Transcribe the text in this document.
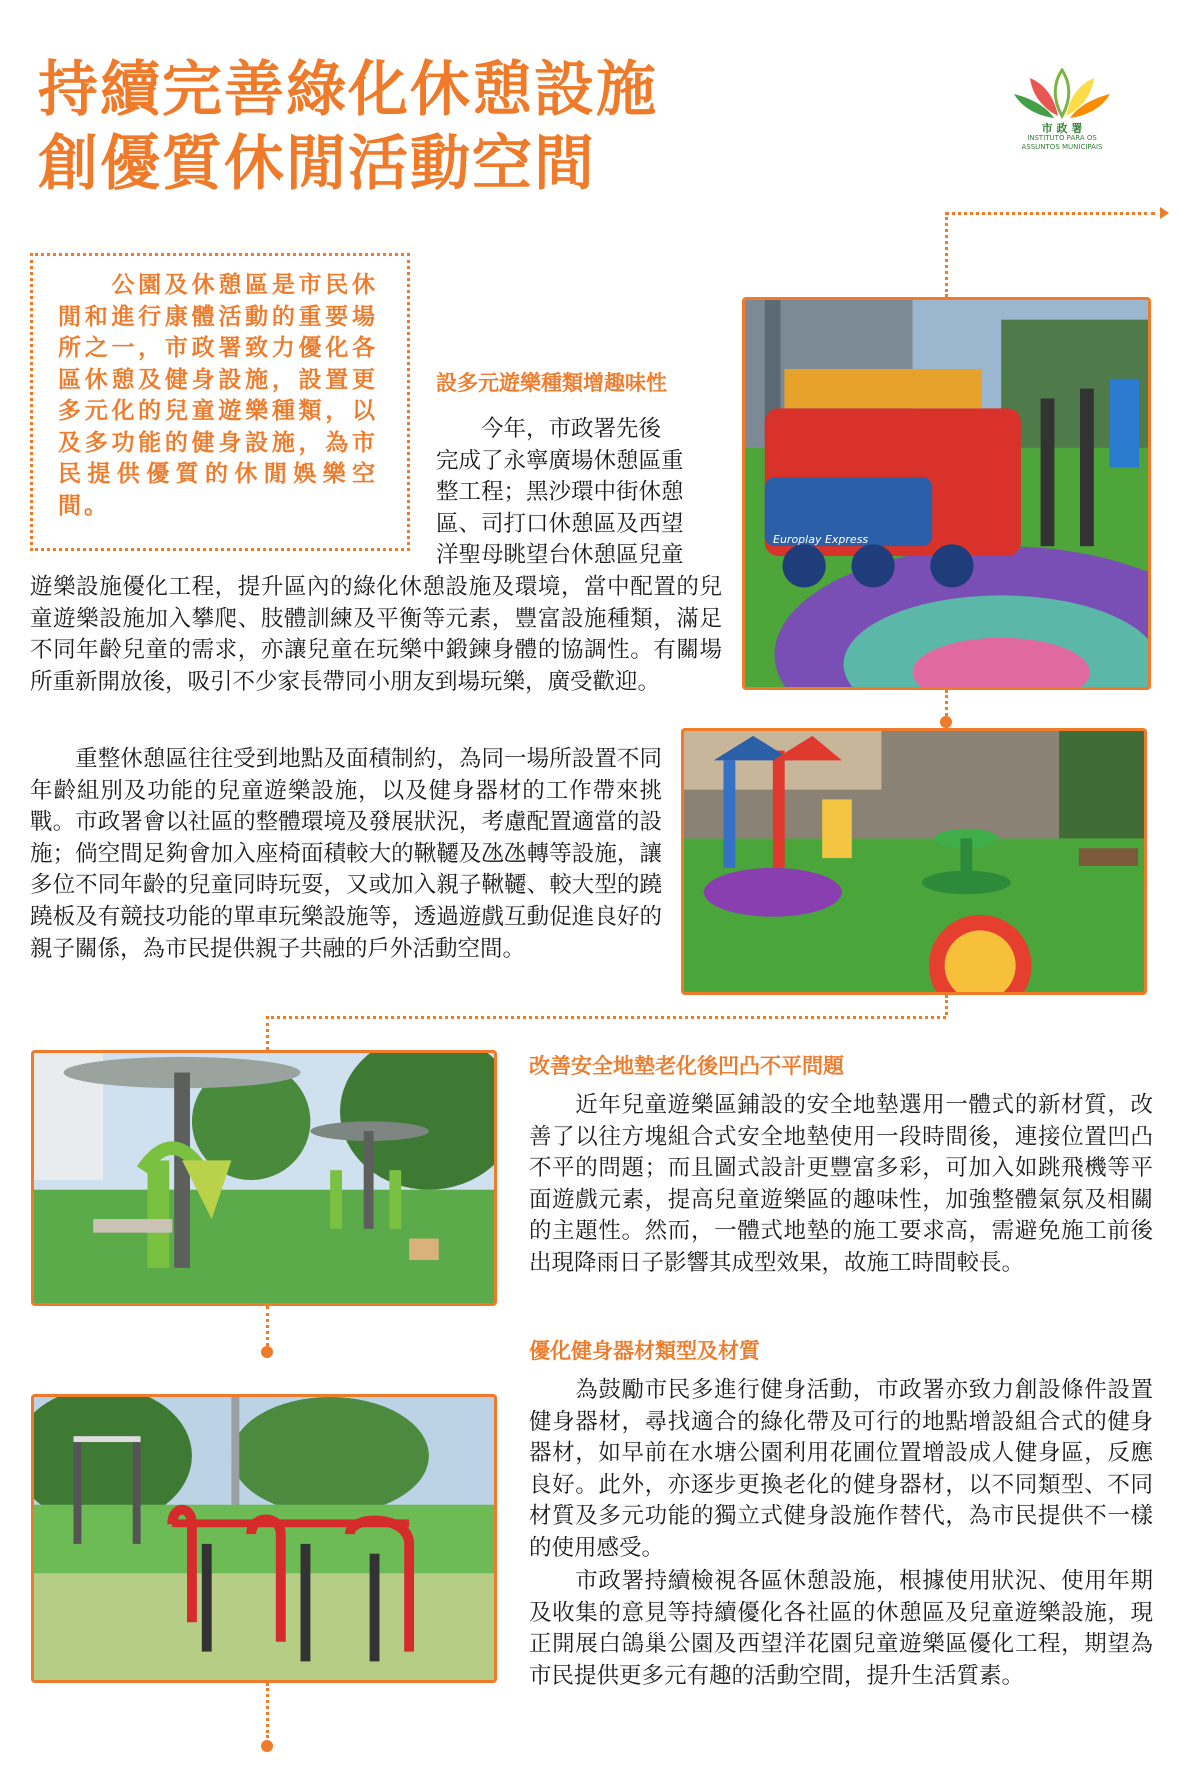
持續完善綠化休憩設施
創優質休閒活動空間
市 政 署
INSTITUTO PARA OS ASSUNTOS MUNICIPAIS
　　公園及休憩區是市民休閒和進行康體活動的重要場所之一，市政署致力優化各區休憩及健身設施，設置更多元化的兒童遊樂種類，以及多功能的健身設施，為市民提供優質的休閒娛樂空間。
設多元遊樂種類增趣味性
　　今年，市政署先後
完成了永寧廣場休憩區重
整工程；黑沙環中街休憩
區、司打口休憩區及西望
洋聖母眺望台休憩區兒童
遊樂設施優化工程，提升區內的綠化休憩設施及環境，當中配置的兒童遊樂設施加入攀爬、肢體訓練及平衡等元素，豐富設施種類，滿足不同年齡兒童的需求，亦讓兒童在玩樂中鍛鍊身體的協調性。有關場所重新開放後，吸引不少家長帶同小朋友到場玩樂，廣受歡迎。
　　重整休憩區往往受到地點及面積制約，為同一場所設置不同年齡組別及功能的兒童遊樂設施，以及健身器材的工作帶來挑戰。市政署會以社區的整體環境及發展狀況，考慮配置適當的設施；倘空間足夠會加入座椅面積較大的鞦韆及氹氹轉等設施，讓多位不同年齡的兒童同時玩耍，又或加入親子鞦韆、較大型的蹺蹺板及有競技功能的單車玩樂設施等，透過遊戲互動促進良好的親子關係，為市民提供親子共融的戶外活動空間。
Europlay Express
改善安全地墊老化後凹凸不平問題
　　近年兒童遊樂區鋪設的安全地墊選用一體式的新材質，改善了以往方塊組合式安全地墊使用一段時間後，連接位置凹凸不平的問題；而且圖式設計更豐富多彩，可加入如跳飛機等平面遊戲元素，提高兒童遊樂區的趣味性，加強整體氣氛及相關的主題性。然而，一體式地墊的施工要求高，需避免施工前後出現降雨日子影響其成型效果，故施工時間較長。
優化健身器材類型及材質
　　為鼓勵市民多進行健身活動，市政署亦致力創設條件設置健身器材，尋找適合的綠化帶及可行的地點增設組合式的健身器材，如早前在水塘公園利用花圃位置增設成人健身區，反應良好。此外，亦逐步更換老化的健身器材，以不同類型、不同材質及多元功能的獨立式健身設施作替代，為市民提供不一樣的使用感受。
　　市政署持續檢視各區休憩設施，根據使用狀況、使用年期及收集的意見等持續優化各社區的休憩區及兒童遊樂設施，現正開展白鴿巢公園及西望洋花園兒童遊樂區優化工程，期望為市民提供更多元有趣的活動空間，提升生活質素。
